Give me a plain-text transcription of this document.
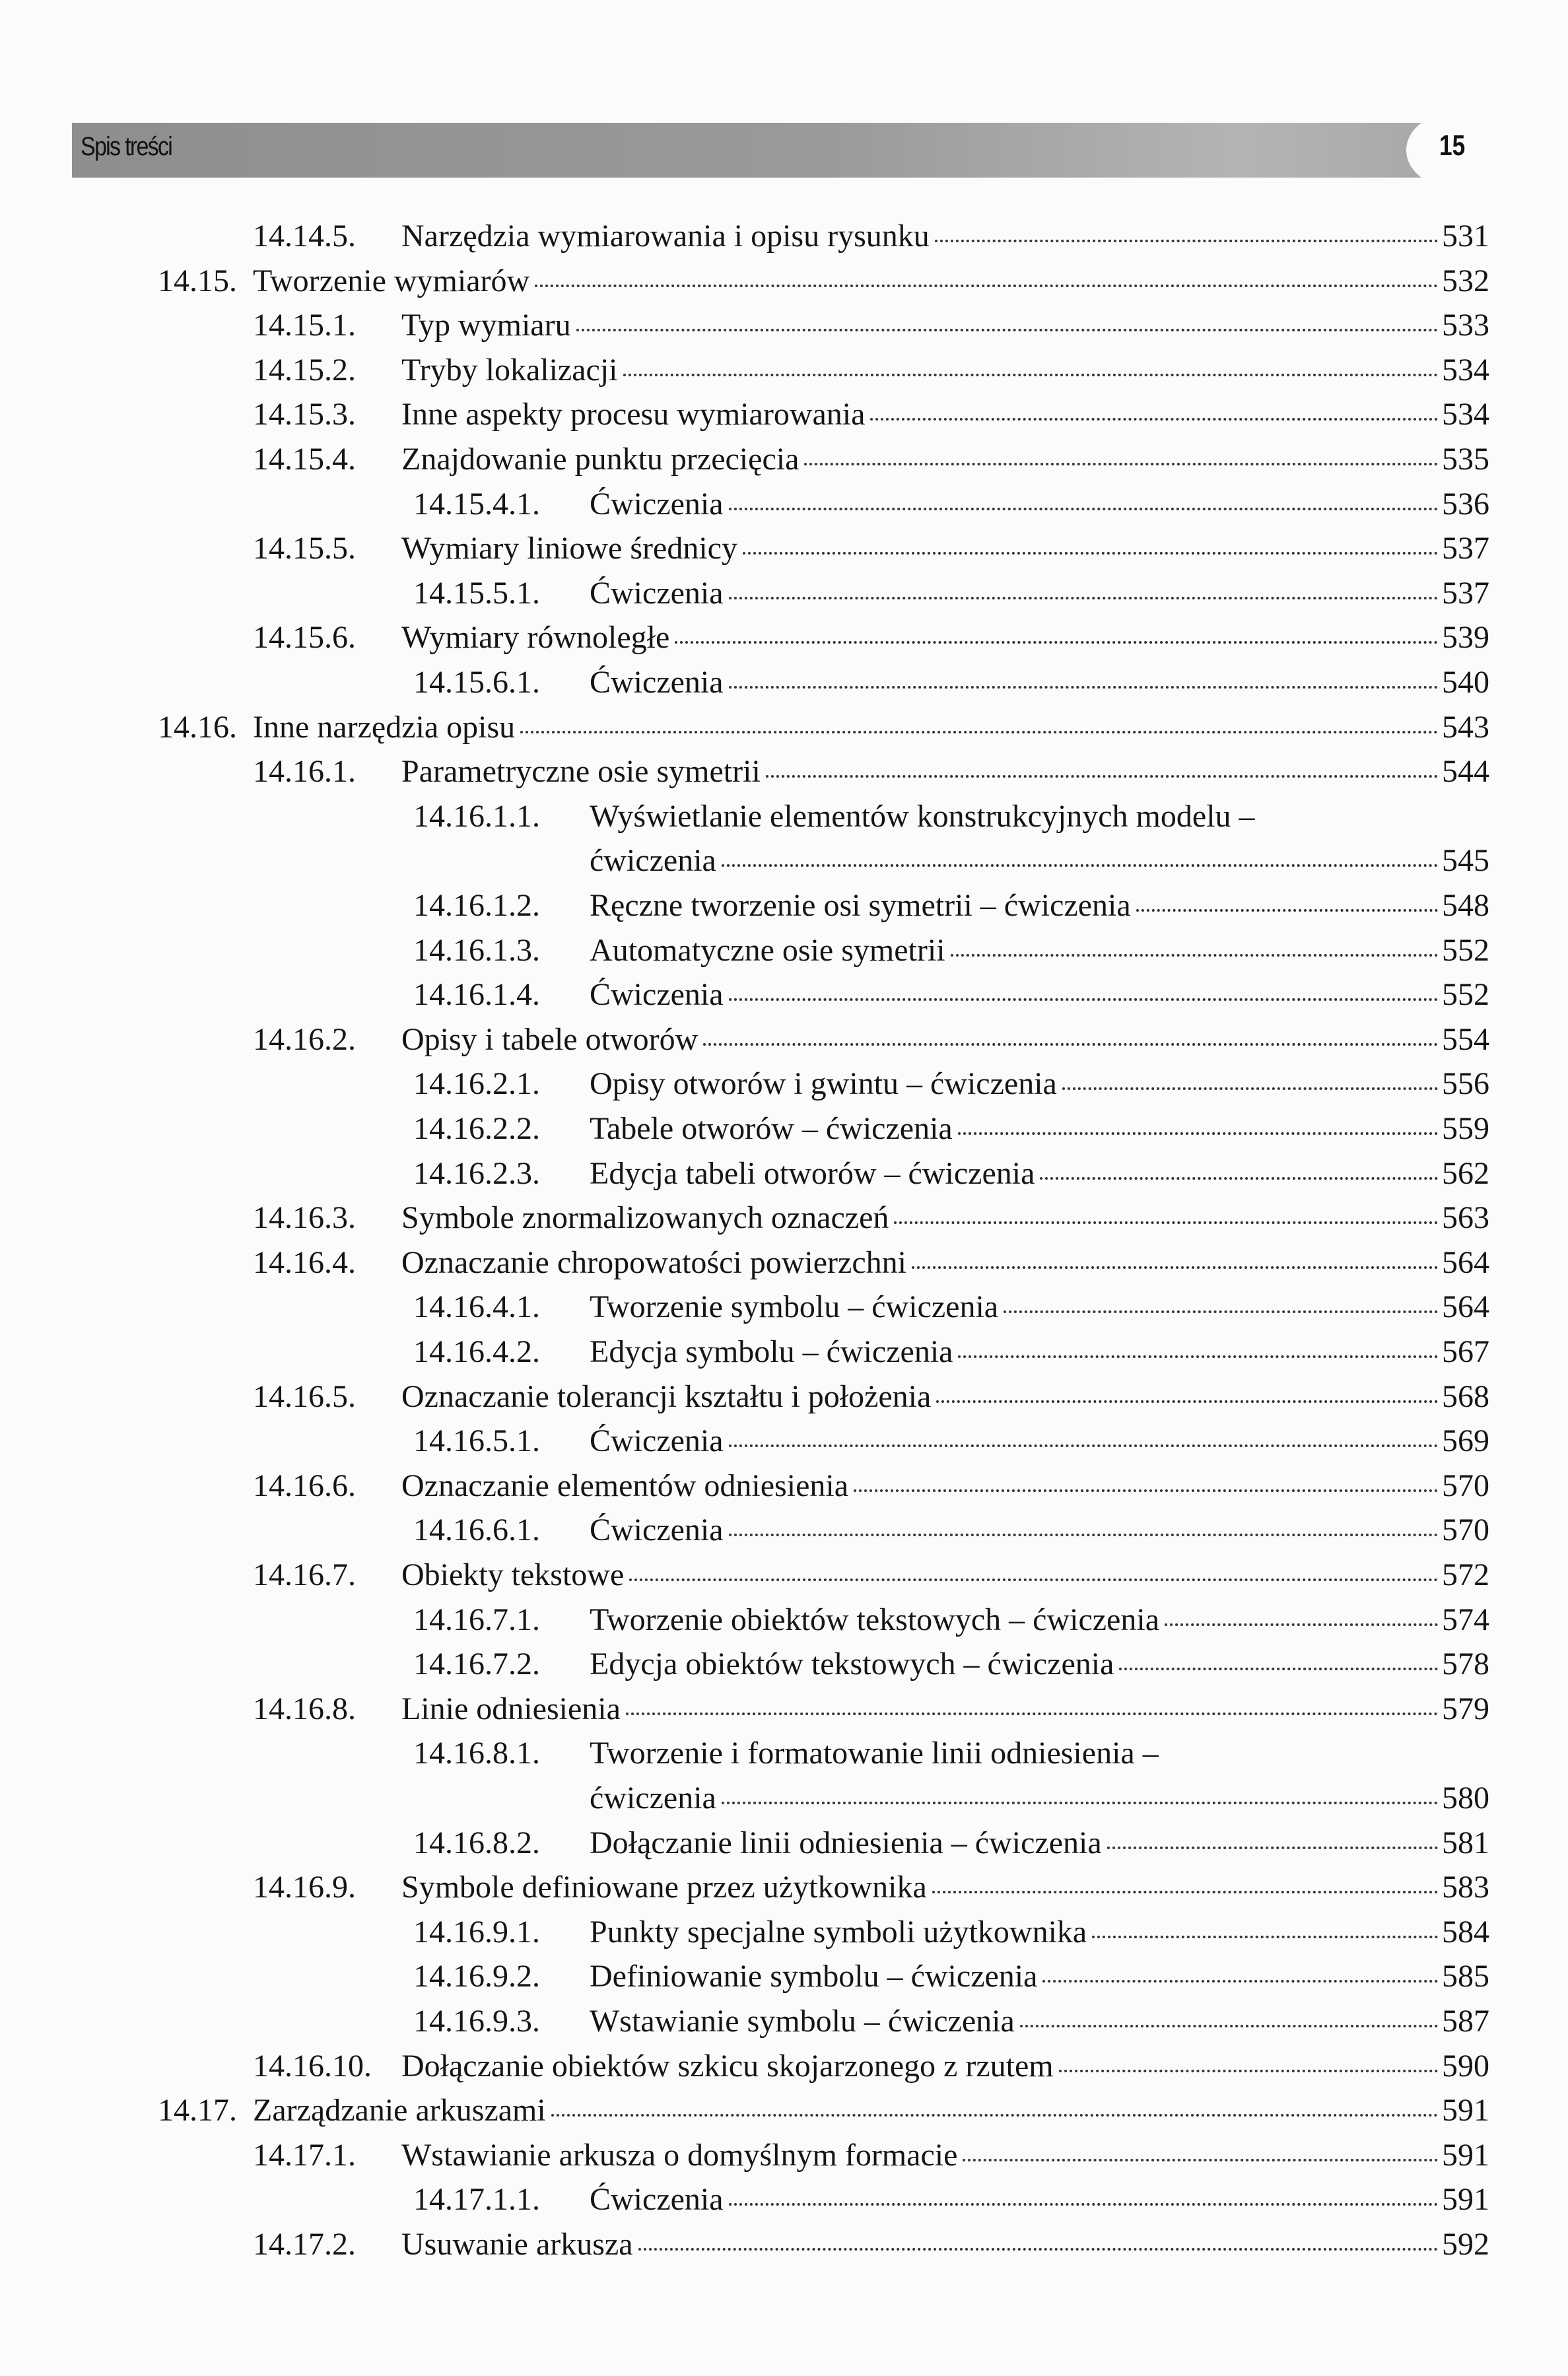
Spis treści	15
14.14.5.	Narzędzia wymiarowania i opisu rysunku	531
14.15. Tworzenie wymiarów	532
14.15.1.	Typ wymiaru	533
14.15.2.	Tryby lokalizacji	534
14.15.3.	Inne aspekty procesu wymiarowania	534
14.15.4.	Znajdowanie punktu przecięcia	535
14.15.4.1.	Ćwiczenia	536
14.15.5.	Wymiary liniowe średnicy	537
14.15.5.1.	Ćwiczenia	537
14.15.6.	Wymiary równoległe	539
14.15.6.1.	Ćwiczenia	540
14.16. Inne narzędzia opisu	543
14.16.1.	Parametryczne osie symetrii	544
14.16.1.1.	Wyświetlanie elementów konstrukcyjnych modelu –
ćwiczenia	545
14.16.1.2.	Ręczne tworzenie osi symetrii – ćwiczenia	548
14.16.1.3.	Automatyczne osie symetrii	552
14.16.1.4.	Ćwiczenia	552
14.16.2.	Opisy i tabele otworów	554
14.16.2.1.	Opisy otworów i gwintu – ćwiczenia	556
14.16.2.2.	Tabele otworów – ćwiczenia	559
14.16.2.3.	Edycja tabeli otworów – ćwiczenia	562
14.16.3.	Symbole znormalizowanych oznaczeń	563
14.16.4.	Oznaczanie chropowatości powierzchni	564
14.16.4.1.	Tworzenie symbolu – ćwiczenia	564
14.16.4.2.	Edycja symbolu – ćwiczenia	567
14.16.5.	Oznaczanie tolerancji kształtu i położenia	568
14.16.5.1.	Ćwiczenia	569
14.16.6.	Oznaczanie elementów odniesienia	570
14.16.6.1.	Ćwiczenia	570
14.16.7.	Obiekty tekstowe	572
14.16.7.1.	Tworzenie obiektów tekstowych – ćwiczenia	574
14.16.7.2.	Edycja obiektów tekstowych – ćwiczenia	578
14.16.8.	Linie odniesienia	579
14.16.8.1.	Tworzenie i formatowanie linii odniesienia –
ćwiczenia	580
14.16.8.2.	Dołączanie linii odniesienia – ćwiczenia	581
14.16.9.	Symbole definiowane przez użytkownika	583
14.16.9.1.	Punkty specjalne symboli użytkownika	584
14.16.9.2.	Definiowanie symbolu – ćwiczenia	585
14.16.9.3.	Wstawianie symbolu – ćwiczenia	587
14.16.10. Dołączanie obiektów szkicu skojarzonego z rzutem	590
14.17. Zarządzanie arkuszami	591
14.17.1.	Wstawianie arkusza o domyślnym formacie	591
14.17.1.1.	Ćwiczenia	591
14.17.2.	Usuwanie arkusza	592
